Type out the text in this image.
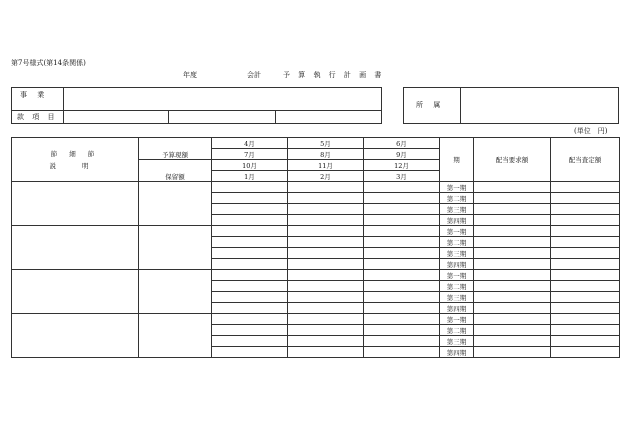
第7号様式(第14条関係)
年度	会計	予 算 執 行 計 画 書
事 業
款 項 目
所 属
(単位　円)
節 細 節
説 明	予算現額	4月	5月	6月	期	配当要求額	配当査定額
		7月	8月	9月			
	保留額	10月	11月	12月			
		1月	2月	3月			
					第一期		
					第二期		
					第三期		
					第四期		
					第一期		
					第二期		
					第三期		
					第四期		
					第一期		
					第二期		
					第三期		
					第四期		
					第一期		
					第二期		
					第三期		
					第四期		
